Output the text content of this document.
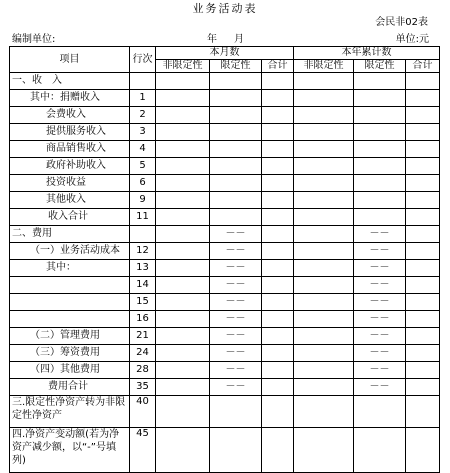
业务活动表
会民非02表
编制单位:	年 月	单位:元
项目	行次	本月数			本年累计数		
		非限定性	限定性	合计	非限定性	限定性	合计
一、收　入							
其中：捐赠收入	1						
会费收入	2						
提供服务收入	3						
商品销售收入	4						
政府补助收入	5						
投资收益	6						
其他收入	9						
收入合计	11						
二、费用			－－			－－	
（一）业务活动成本	12		－－			－－	
其中：	13		－－			－－	
	14		－－			－－	
	15		－－			－－	
	16		－－			－－	
（二）管理费用	21		－－			－－	
（三）筹资费用	24		－－			－－	
（四）其他费用	28		－－			－－	
费用合计	35		－－			－－	
三.限定性净资产转为非限定性净资产	40						
四.净资产变动额(若为净资产减少额，以“-”号填列)	45						
